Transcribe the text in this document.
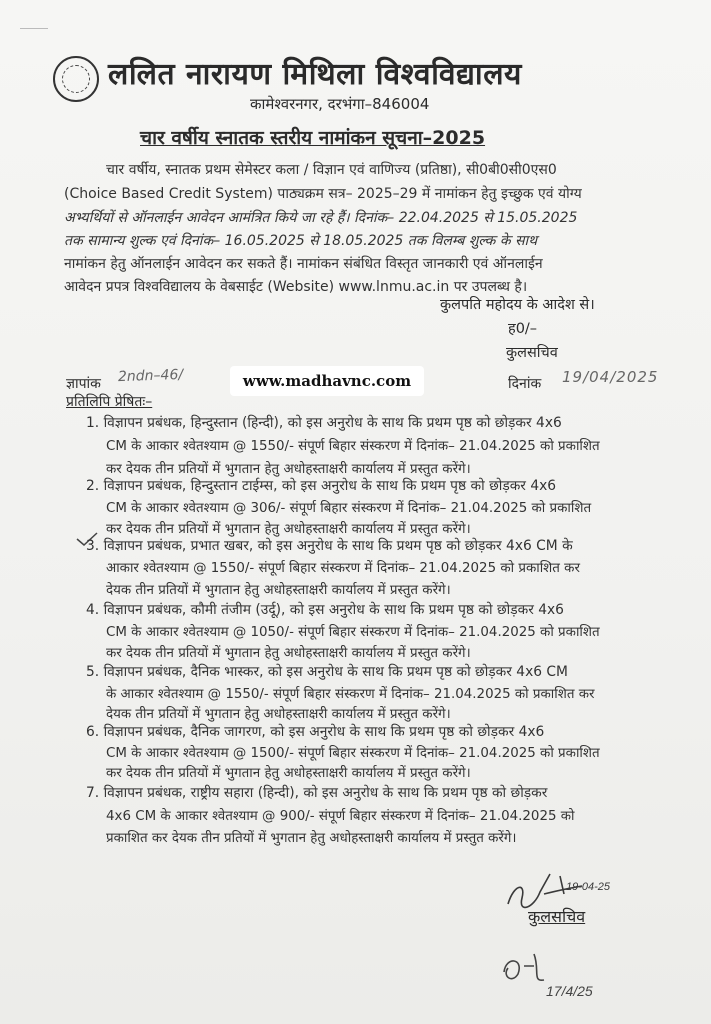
ललित नारायण मिथिला विश्वविद्यालय
कामेश्वरनगर, दरभंगा–846004
चार वर्षीय स्नातक स्तरीय नामांकन सूचना–2025
चार वर्षीय, स्नातक प्रथम सेमेस्टर कला / विज्ञान एवं वाणिज्य (प्रतिष्ठा), सी0बी0सी0एस0
(Choice Based Credit System) पाठ्यक्रम सत्र– 2025–29 में नामांकन हेतु इच्छुक एवं योग्य
अभ्यर्थियों से ऑनलाईन आवेदन आमंत्रित किये जा रहे हैं। दिनांक– 22.04.2025 से 15.05.2025
तक सामान्य शुल्क एवं दिनांक– 16.05.2025 से 18.05.2025 तक विलम्ब शुल्क के साथ
नामांकन हेतु ऑनलाईन आवेदन कर सकते हैं। नामांकन संबंधित विस्तृत जानकारी एवं ऑनलाईन
आवेदन प्रपत्र विश्वविद्यालय के वेबसाईट (Website) www.lnmu.ac.in पर उपलब्ध है।
कुलपति महोदय के आदेश से।
ह0/–
कुलसचिव
ज्ञापांक 2ndn–46/	www.madhavnc.com	दिनांक 19/04/2025
प्रतिलिपि प्रेषितः–
1. विज्ञापन प्रबंधक, हिन्दुस्तान (हिन्दी), को इस अनुरोध के साथ कि प्रथम पृष्ठ को छोड़कर 4x6
CM के आकार श्वेतश्याम @ 1550/- संपूर्ण बिहार संस्करण में दिनांक– 21.04.2025 को प्रकाशित
कर देयक तीन प्रतियों में भुगतान हेतु अधोहस्ताक्षरी कार्यालय में प्रस्तुत करेंगे।
2. विज्ञापन प्रबंधक, हिन्दुस्तान टाईम्स, को इस अनुरोध के साथ कि प्रथम पृष्ठ को छोड़कर 4x6
CM के आकार श्वेतश्याम @ 306/- संपूर्ण बिहार संस्करण में दिनांक– 21.04.2025 को प्रकाशित
कर देयक तीन प्रतियों में भुगतान हेतु अधोहस्ताक्षरी कार्यालय में प्रस्तुत करेंगे।
3. विज्ञापन प्रबंधक, प्रभात खबर, को इस अनुरोध के साथ कि प्रथम पृष्ठ को छोड़कर 4x6 CM के
आकार श्वेतश्याम @ 1550/- संपूर्ण बिहार संस्करण में दिनांक– 21.04.2025 को प्रकाशित कर
देयक तीन प्रतियों में भुगतान हेतु अधोहस्ताक्षरी कार्यालय में प्रस्तुत करेंगे।
4. विज्ञापन प्रबंधक, कौमी तंजीम (उर्दू), को इस अनुरोध के साथ कि प्रथम पृष्ठ को छोड़कर 4x6
CM के आकार श्वेतश्याम @ 1050/- संपूर्ण बिहार संस्करण में दिनांक– 21.04.2025 को प्रकाशित
कर देयक तीन प्रतियों में भुगतान हेतु अधोहस्ताक्षरी कार्यालय में प्रस्तुत करेंगे।
5. विज्ञापन प्रबंधक, दैनिक भास्कर, को इस अनुरोध के साथ कि प्रथम पृष्ठ को छोड़कर 4x6 CM
के आकार श्वेतश्याम @ 1550/- संपूर्ण बिहार संस्करण में दिनांक– 21.04.2025 को प्रकाशित कर
देयक तीन प्रतियों में भुगतान हेतु अधोहस्ताक्षरी कार्यालय में प्रस्तुत करेंगे।
6. विज्ञापन प्रबंधक, दैनिक जागरण, को इस अनुरोध के साथ कि प्रथम पृष्ठ को छोड़कर 4x6
CM के आकार श्वेतश्याम @ 1500/- संपूर्ण बिहार संस्करण में दिनांक– 21.04.2025 को प्रकाशित
कर देयक तीन प्रतियों में भुगतान हेतु अधोहस्ताक्षरी कार्यालय में प्रस्तुत करेंगे।
7. विज्ञापन प्रबंधक, राष्ट्रीय सहारा (हिन्दी), को इस अनुरोध के साथ कि प्रथम पृष्ठ को छोड़कर
4x6 CM के आकार श्वेतश्याम @ 900/- संपूर्ण बिहार संस्करण में दिनांक– 21.04.2025 को
प्रकाशित कर देयक तीन प्रतियों में भुगतान हेतु अधोहस्ताक्षरी कार्यालय में प्रस्तुत करेंगे।
19-04-25
कुलसचिव
17/4/25
